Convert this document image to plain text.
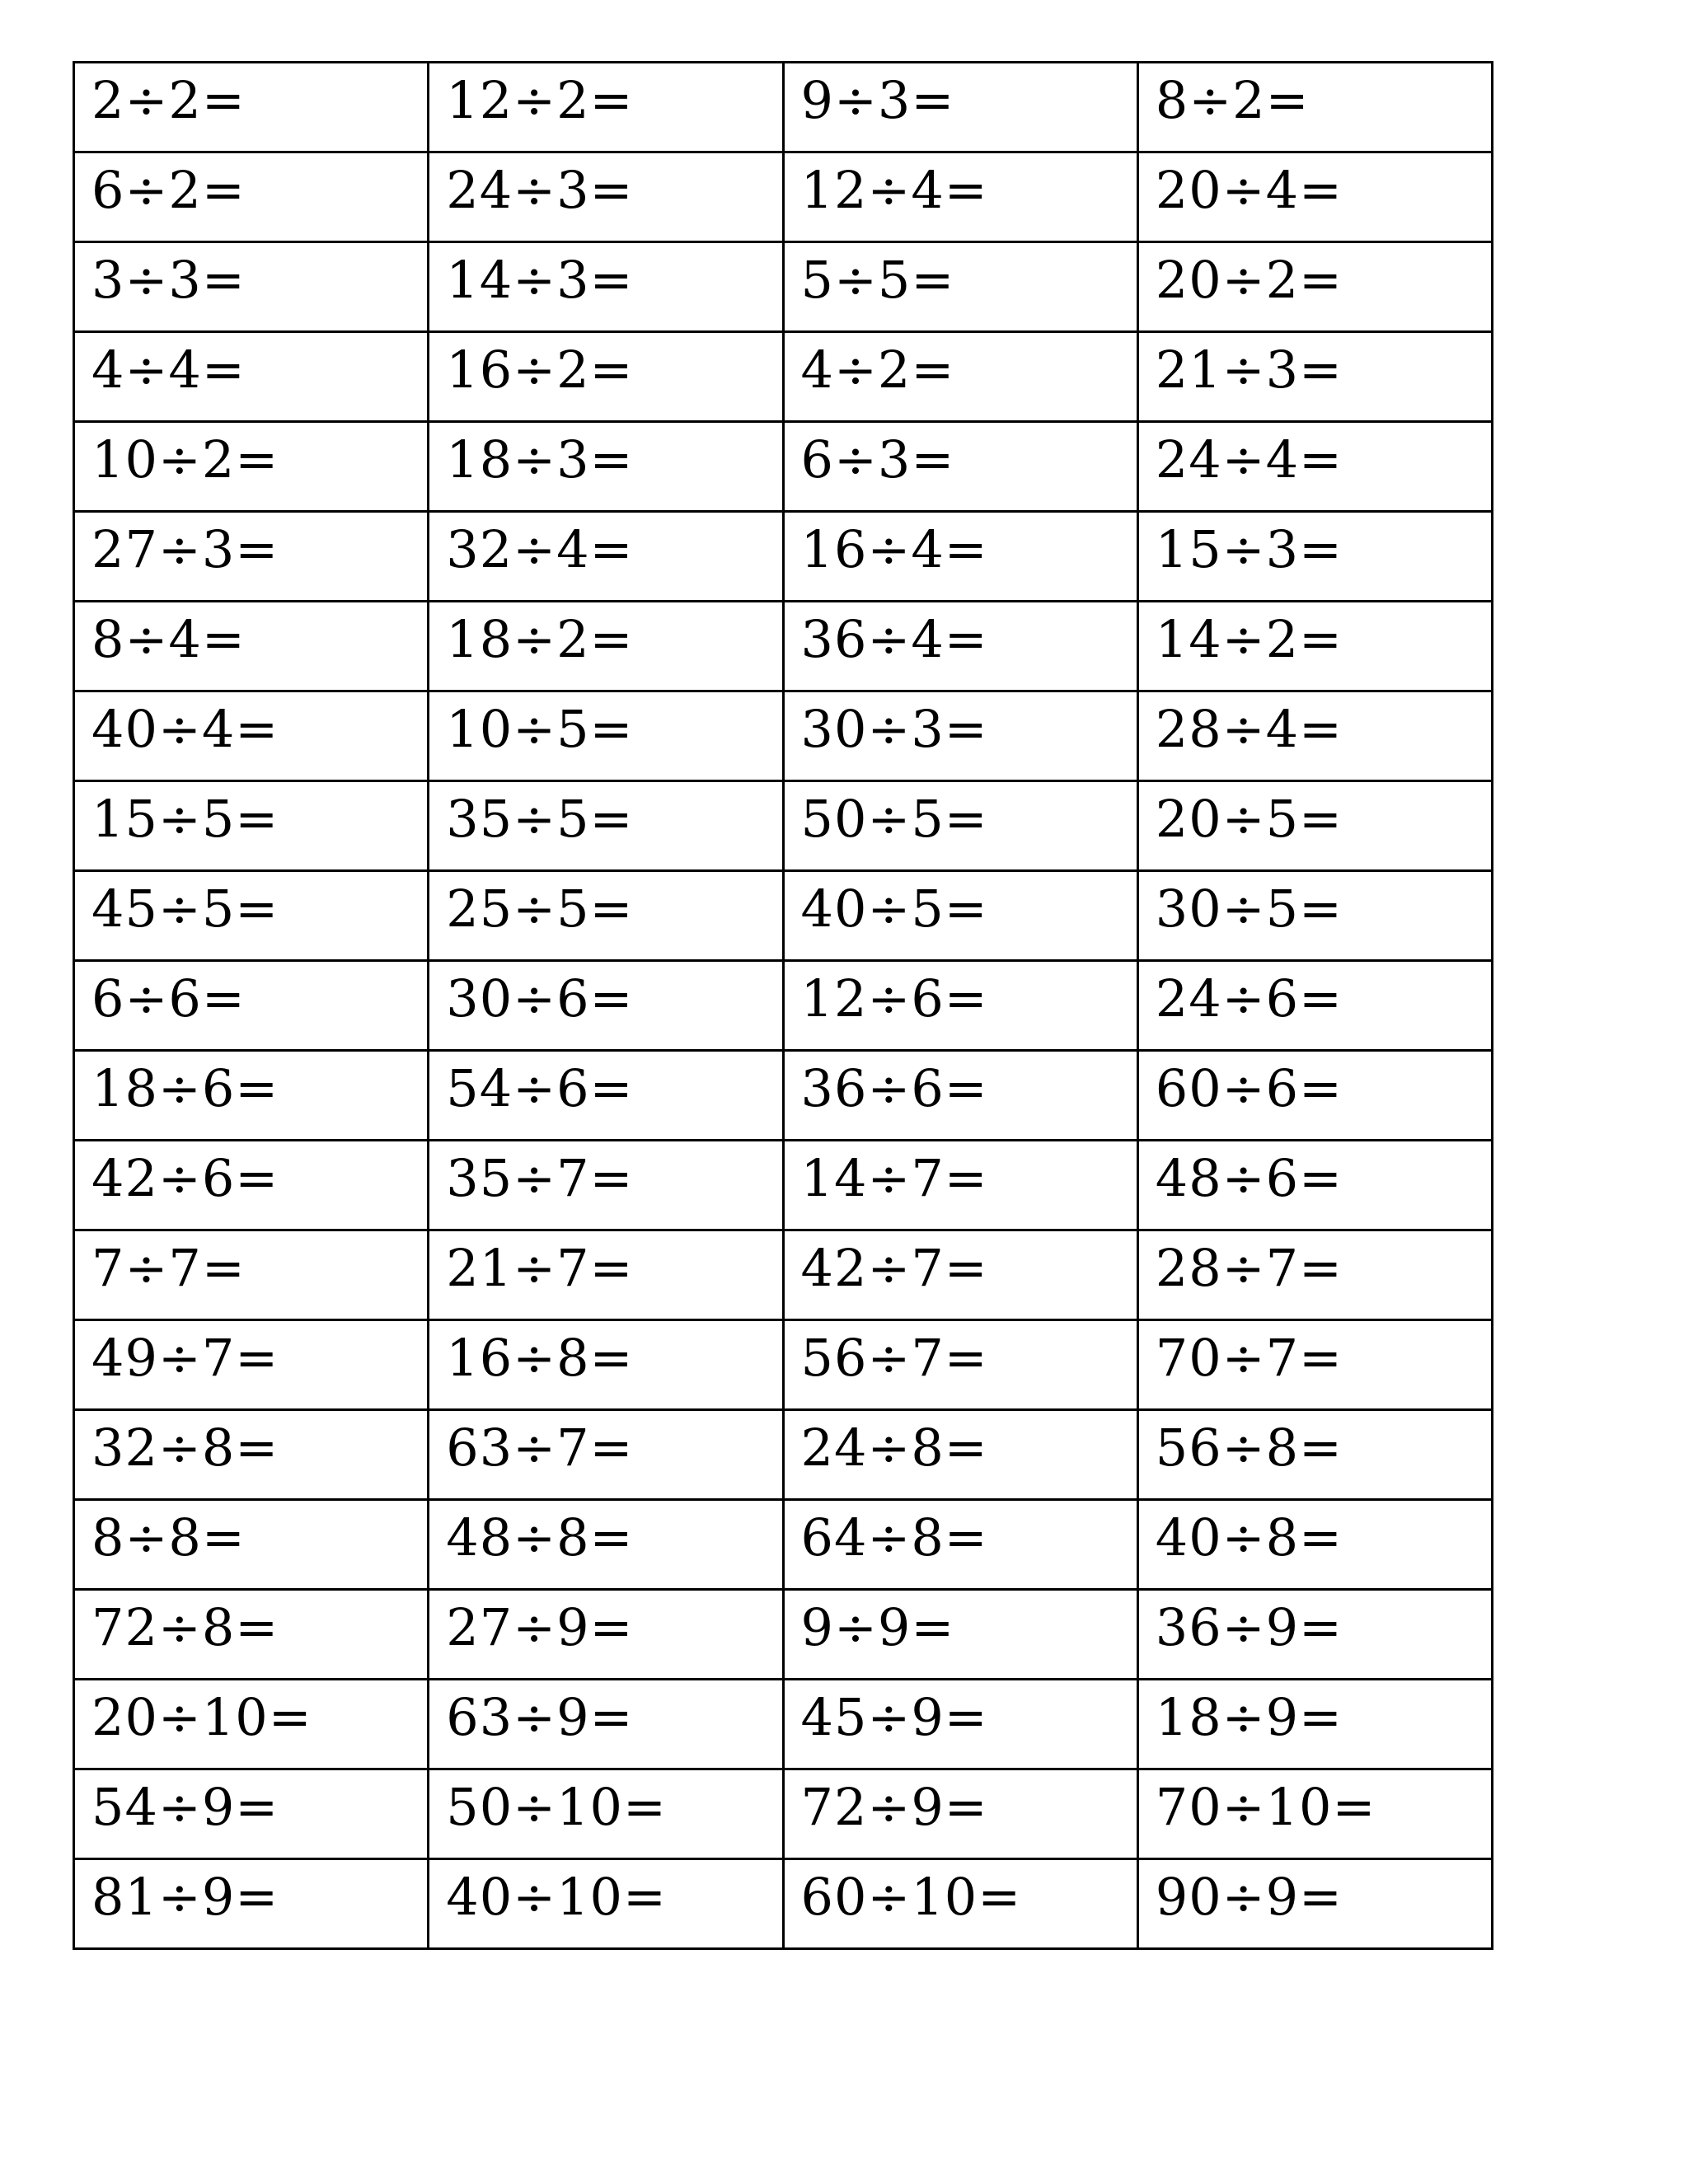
2÷2=	12÷2=	9÷3=	8÷2=

6÷2=	24÷3=	12÷4=	20÷4=

3÷3=	14÷3=	5÷5=	20÷2=

4÷4=	16÷2=	4÷2=	21÷3=

10÷2=	18÷3=	6÷3=	24÷4=

27÷3=	32÷4=	16÷4=	15÷3=

8÷4=	18÷2=	36÷4=	14÷2=

40÷4=	10÷5=	30÷3=	28÷4=

15÷5=	35÷5=	50÷5=	20÷5=

45÷5=	25÷5=	40÷5=	30÷5=

6÷6=	30÷6=	12÷6=	24÷6=

18÷6=	54÷6=	36÷6=	60÷6=

42÷6=	35÷7=	14÷7=	48÷6=

7÷7=	21÷7=	42÷7=	28÷7=

49÷7=	16÷8=	56÷7=	70÷7=

32÷8=	63÷7=	24÷8=	56÷8=

8÷8=	48÷8=	64÷8=	40÷8=

72÷8=	27÷9=	9÷9=	36÷9=

20÷10=	63÷9=	45÷9=	18÷9=

54÷9=	50÷10=	72÷9=	70÷10=

81÷9=	40÷10=	60÷10=	90÷9=
